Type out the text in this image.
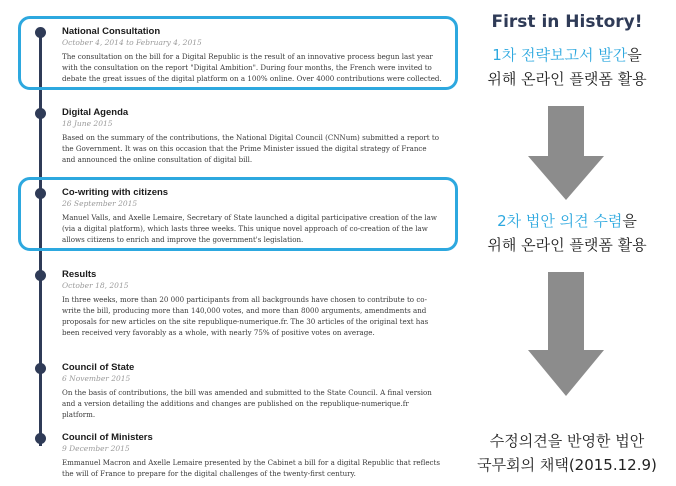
National Consultation
October 4, 2014 to February 4, 2015

The consultation on the bill for a Digital Republic is the result of an innovative process begun last year with the consultation on the report "Digital Ambition". During four months, the French were invited to debate the great issues of the digital platform on a 100% online. Over 4000 contributions were collected.

Digital Agenda
18 June 2015

Based on the summary of the contributions, the National Digital Council (CNNum) submitted a report to the Government. It was on this occasion that the Prime Minister issued the digital strategy of France and announced the online consultation of digital bill.

Co-writing with citizens
26 September 2015

Manuel Valls, and Axelle Lemaire, Secretary of State launched a digital participative creation of the law (via a digital platform), which lasts three weeks. This unique novel approach of co-creation of the law allows citizens to enrich and improve the government's legislation.

Results
October 18, 2015

In three weeks, more than 20 000 participants from all backgrounds have chosen to contribute to co-write the bill, producing more than 140,000 votes, and more than 8000 arguments, amendments and proposals for new articles on the site republique-numerique.fr. The 30 articles of the original text has been received very favorably as a whole, with nearly 75% of positive votes on average.

Council of State
6 November 2015

On the basis of contributions, the bill was amended and submitted to the State Council. A final version and a version detailing the additions and changes are published on the republique-numerique.fr platform.

Council of Ministers
9 December 2015

Emmanuel Macron and Axelle Lemaire presented by the Cabinet a bill for a digital Republic that reflects the will of France to prepare for the digital challenges of the twenty-first century.

First in History!
1차 전략보고서 발간을
위해 온라인 플랫폼 활용
2차 법안 의견 수렴을
위해 온라인 플랫폼 활용
수정의견을 반영한 법안
국무회의 채택(2015.12.9)
